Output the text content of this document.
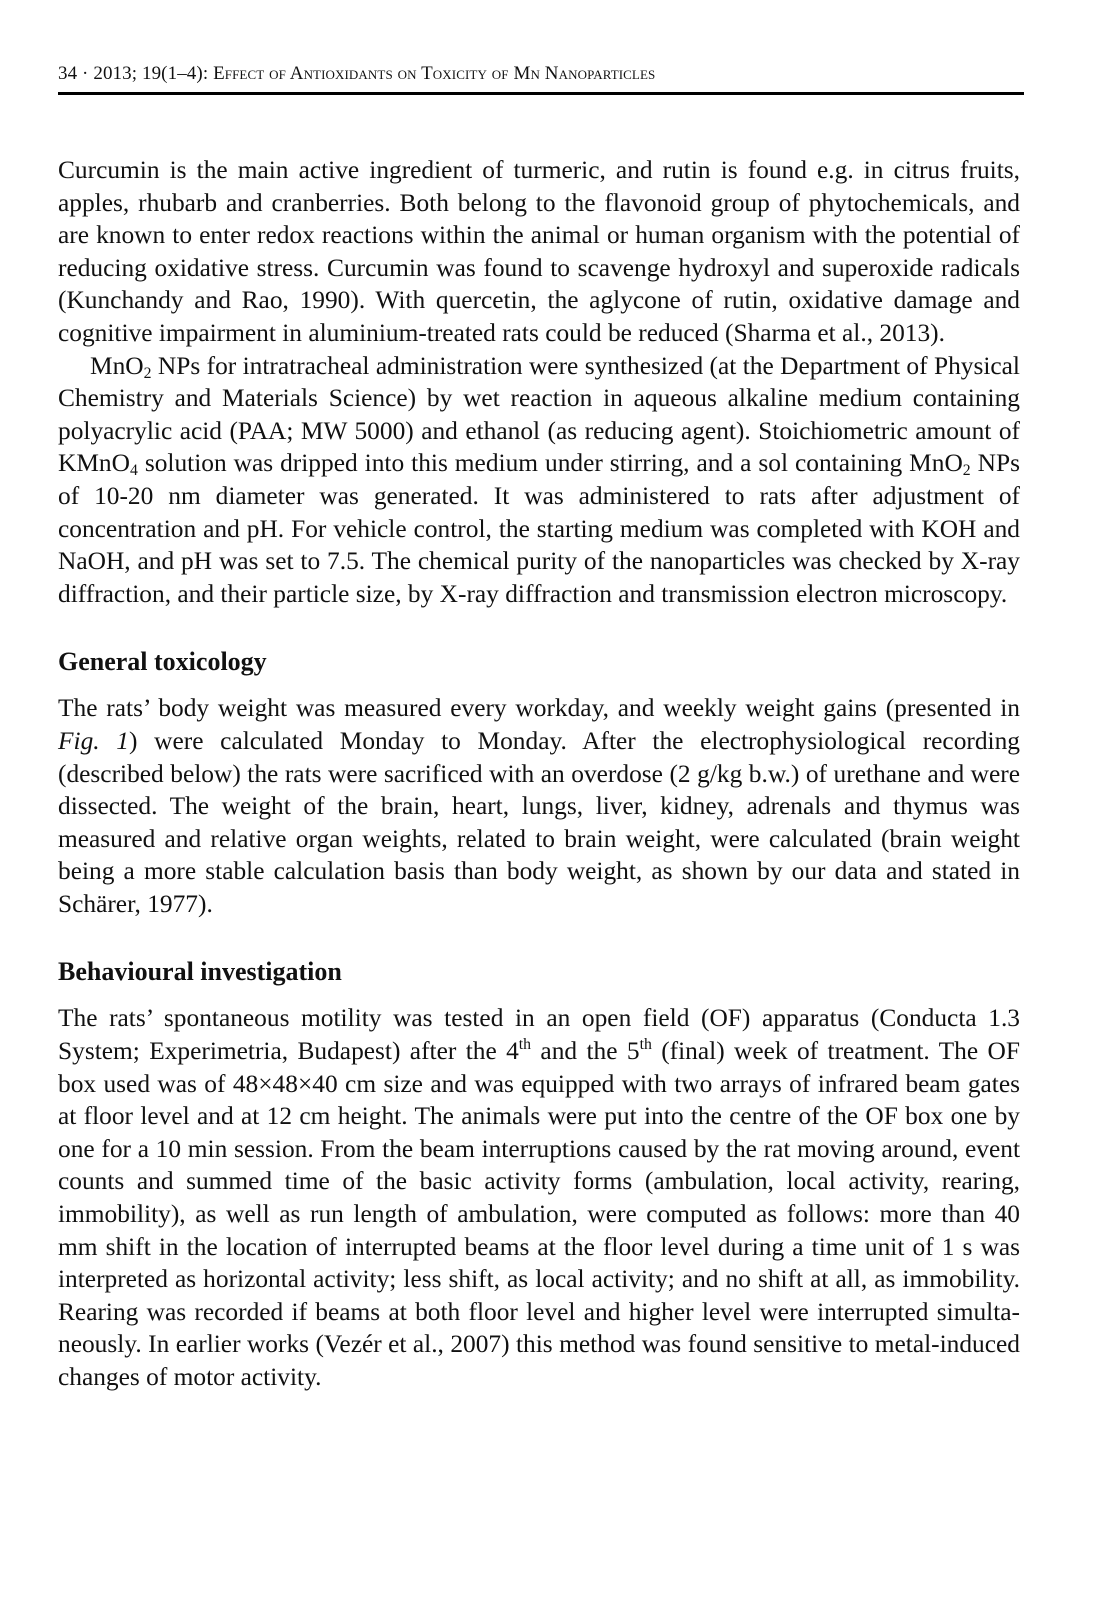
34 · 2013; 19(1–4): Effect of Antioxidants on Toxicity of Mn Nanoparticles

Curcumin is the main active ingredient of turmeric, and rutin is found e.g. in citrus fruits, apples, rhubarb and cranberries. Both belong to the flavonoid group of phytochemicals, and are known to enter redox reactions within the animal or human organism with the potential of reducing oxidative stress. Curcumin was found to scavenge hydroxyl and superoxide radicals (Kunchandy and Rao, 1990). With quercetin, the aglycone of rutin, oxidative damage and cognitive impairment in aluminium-treated rats could be reduced (Sharma et al., 2013).

MnO$_2$ NPs for intratracheal administration were synthesized (at the Department of Physical Chemistry and Materials Science) by wet reaction in aqueous alkaline medium containing polyacrylic acid (PAA; MW 5000) and ethanol (as reducing agent). Stoichiometric amount of KMnO$_4$ solution was dripped into this medium under stirring, and a sol containing MnO$_2$ NPs of 10-20 nm diameter was generated. It was administered to rats after adjustment of concentration and pH. For vehicle control, the starting medium was completed with KOH and NaOH, and pH was set to 7.5. The chemical purity of the nanoparticles was checked by X-ray diffraction, and their particle size, by X-ray diffraction and transmission electron microscopy.

General toxicology

The rats’ body weight was measured every workday, and weekly weight gains (presented in Fig. 1) were calculated Monday to Monday. After the electrophysiological recording (described below) the rats were sacrificed with an overdose (2 g/kg b.w.) of urethane and were dissected. The weight of the brain, heart, lungs, liver, kidney, adrenals and thymus was measured and relative organ weights, related to brain weight, were calculated (brain weight being a more stable calculation basis than body weight, as shown by our data and stated in Schärer, 1977).

Behavioural investigation

The rats’ spontaneous motility was tested in an open field (OF) apparatus (Conducta 1.3 System; Experimetria, Budapest) after the 4th and the 5th (final) week of treatment. The OF box used was of 48×48×40 cm size and was equipped with two arrays of infrared beam gates at floor level and at 12 cm height. The animals were put into the centre of the OF box one by one for a 10 min session. From the beam interruptions caused by the rat moving around, event counts and summed time of the basic activity forms (ambulation, local activity, rearing, immobility), as well as run length of ambulation, were computed as follows: more than 40 mm shift in the location of interrupted beams at the floor level during a time unit of 1 s was interpreted as horizontal activity; less shift, as local activity; and no shift at all, as immobility. Rearing was recorded if beams at both floor level and higher level were interrupted simultaneously. In earlier works (Vezér et al., 2007) this method was found sensitive to metal-induced changes of motor activity.
